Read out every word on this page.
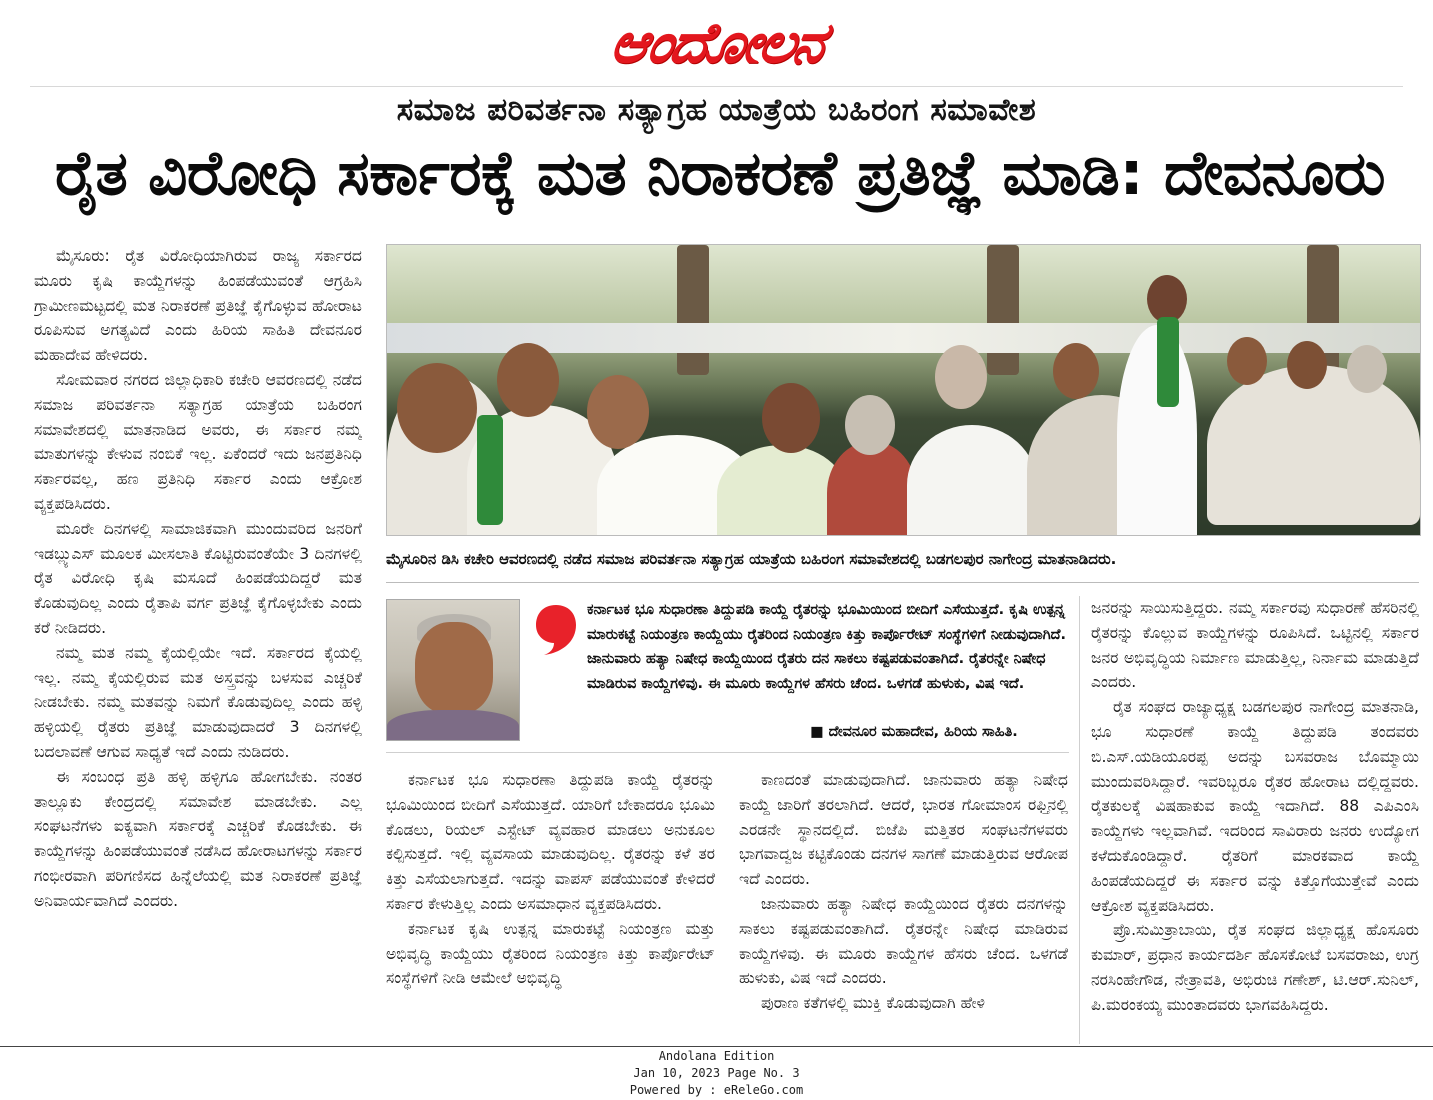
ಆಂದೋಲನ
ಸಮಾಜ ಪರಿವರ್ತನಾ ಸತ್ಯಾಗ್ರಹ ಯಾತ್ರೆಯ ಬಹಿರಂಗ ಸಮಾವೇಶ
ರೈತ ವಿರೋಧಿ ಸರ್ಕಾರಕ್ಕೆ ಮತ ನಿರಾಕರಣೆ ಪ್ರತಿಜ್ಞೆ ಮಾಡಿ: ದೇವನೂರು

ಮೈಸೂರು: ರೈತ ವಿರೋಧಿಯಾಗಿರುವ ರಾಜ್ಯ ಸರ್ಕಾರದ ಮೂರು ಕೃಷಿ ಕಾಯ್ದೆಗಳನ್ನು ಹಿಂಪಡೆಯುವಂತೆ ಆಗ್ರಹಿಸಿ ಗ್ರಾಮೀಣಮಟ್ಟದಲ್ಲಿ ಮತ ನಿರಾಕರಣೆ ಪ್ರತಿಜ್ಞೆ ಕೈಗೊಳ್ಳುವ ಹೋರಾಟ ರೂಪಿಸುವ ಅಗತ್ಯವಿದೆ ಎಂದು ಹಿರಿಯ ಸಾಹಿತಿ ದೇವನೂರ ಮಹಾದೇವ ಹೇಳಿದರು.

ಸೋಮವಾರ ನಗರದ ಜಿಲ್ಲಾಧಿಕಾರಿ ಕಚೇರಿ ಆವರಣದಲ್ಲಿ ನಡೆದ ಸಮಾಜ ಪರಿವರ್ತನಾ ಸತ್ಯಾಗ್ರಹ ಯಾತ್ರೆಯ ಬಹಿರಂಗ ಸಮಾವೇಶದಲ್ಲಿ ಮಾತನಾಡಿದ ಅವರು, ಈ ಸರ್ಕಾರ ನಮ್ಮ ಮಾತುಗಳನ್ನು ಕೇಳುವ ನಂಬಿಕೆ ಇಲ್ಲ. ಏಕೆಂದರೆ ಇದು ಜನಪ್ರತಿನಿಧಿ ಸರ್ಕಾರವಲ್ಲ, ಹಣ ಪ್ರತಿನಿಧಿ ಸರ್ಕಾರ ಎಂದು ಆಕ್ರೋಶ ವ್ಯಕ್ತಪಡಿಸಿದರು.

ಮೂರೇ ದಿನಗಳಲ್ಲಿ ಸಾಮಾಜಿಕವಾಗಿ ಮುಂದುವರಿದ ಜನರಿಗೆ ಇಡಬ್ಲ್ಯುಎಸ್ ಮೂಲಕ ಮೀಸಲಾತಿ ಕೊಟ್ಟಿರುವಂತೆಯೇ 3 ದಿನಗಳಲ್ಲಿ ರೈತ ವಿರೋಧಿ ಕೃಷಿ ಮಸೂದೆ ಹಿಂಪಡೆಯದಿದ್ದರೆ ಮತ ಕೊಡುವುದಿಲ್ಲ ಎಂದು ರೈತಾಪಿ ವರ್ಗ ಪ್ರತಿಜ್ಞೆ ಕೈಗೊಳ್ಳಬೇಕು ಎಂದು ಕರೆ ನೀಡಿದರು.

ನಮ್ಮ ಮತ ನಮ್ಮ ಕೈಯಲ್ಲಿಯೇ ಇದೆ. ಸರ್ಕಾರದ ಕೈಯಲ್ಲಿ ಇಲ್ಲ. ನಮ್ಮ ಕೈಯಲ್ಲಿರುವ ಮತ ಅಸ್ತ್ರವನ್ನು ಬಳಸುವ ಎಚ್ಚರಿಕೆ ನೀಡಬೇಕು. ನಮ್ಮ ಮತವನ್ನು ನಿಮಗೆ ಕೊಡುವುದಿಲ್ಲ ಎಂದು ಹಳ್ಳಿ ಹಳ್ಳಿಯಲ್ಲಿ ರೈತರು ಪ್ರತಿಜ್ಞೆ ಮಾಡುವುದಾದರೆ 3 ದಿನಗಳಲ್ಲಿ ಬದಲಾವಣೆ ಆಗುವ ಸಾಧ್ಯತೆ ಇದೆ ಎಂದು ನುಡಿದರು.

ಈ ಸಂಬಂಧ ಪ್ರತಿ ಹಳ್ಳಿ ಹಳ್ಳಿಗೂ ಹೋಗಬೇಕು. ನಂತರ ತಾಲ್ಲೂಕು ಕೇಂದ್ರದಲ್ಲಿ ಸಮಾವೇಶ ಮಾಡಬೇಕು. ಎಲ್ಲ ಸಂಘಟನೆಗಳು ಐಕ್ಯವಾಗಿ ಸರ್ಕಾರಕ್ಕೆ ಎಚ್ಚರಿಕೆ ಕೊಡಬೇಕು. ಈ ಕಾಯ್ದೆಗಳನ್ನು ಹಿಂಪಡೆಯುವಂತೆ ನಡೆಸಿದ ಹೋರಾಟಗಳನ್ನು ಸರ್ಕಾರ ಗಂಭೀರವಾಗಿ ಪರಿಗಣಿಸದ ಹಿನ್ನೆಲೆಯಲ್ಲಿ ಮತ ನಿರಾಕರಣೆ ಪ್ರತಿಜ್ಞೆ ಅನಿವಾರ್ಯವಾಗಿದೆ ಎಂದರು.

ಮೈಸೂರಿನ ಡಿಸಿ ಕಚೇರಿ ಆವರಣದಲ್ಲಿ ನಡೆದ ಸಮಾಜ ಪರಿವರ್ತನಾ ಸತ್ಯಾಗ್ರಹ ಯಾತ್ರೆಯ ಬಹಿರಂಗ ಸಮಾವೇಶದಲ್ಲಿ ಬಡಗಲಪುರ ನಾಗೇಂದ್ರ ಮಾತನಾಡಿದರು.
ಕರ್ನಾಟಕ ಭೂ ಸುಧಾರಣಾ ತಿದ್ದುಪಡಿ ಕಾಯ್ದೆ ರೈತರನ್ನು ಭೂಮಿಯಿಂದ ಬೀದಿಗೆ ಎಸೆಯುತ್ತದೆ. ಕೃಷಿ ಉತ್ಪನ್ನ ಮಾರುಕಟ್ಟೆ ನಿಯಂತ್ರಣ ಕಾಯ್ದೆಯು ರೈತರಿಂದ ನಿಯಂತ್ರಣ ಕಿತ್ತು ಕಾರ್ಪೊರೇಟ್ ಸಂಸ್ಥೆಗಳಿಗೆ ನೀಡುವುದಾಗಿದೆ. ಜಾನುವಾರು ಹತ್ಯಾ ನಿಷೇಧ ಕಾಯ್ದೆಯಿಂದ ರೈತರು ದನ ಸಾಕಲು ಕಷ್ಟಪಡುವಂತಾಗಿದೆ. ರೈತರನ್ನೇ ನಿಷೇಧ ಮಾಡಿರುವ ಕಾಯ್ದೆಗಳಿವು. ಈ ಮೂರು ಕಾಯ್ದೆಗಳ ಹೆಸರು ಚೆಂದ. ಒಳಗಡೆ ಹುಳುಕು, ವಿಷ ಇದೆ.
■ ದೇವನೂರ ಮಹಾದೇವ, ಹಿರಿಯ ಸಾಹಿತಿ.

ಕರ್ನಾಟಕ ಭೂ ಸುಧಾರಣಾ ತಿದ್ದುಪಡಿ ಕಾಯ್ದೆ ರೈತರನ್ನು ಭೂಮಿಯಿಂದ ಬೀದಿಗೆ ಎಸೆಯುತ್ತದೆ. ಯಾರಿಗೆ ಬೇಕಾದರೂ ಭೂಮಿ ಕೊಡಲು, ರಿಯಲ್ ಎಸ್ಟೇಟ್ ವ್ಯವಹಾರ ಮಾಡಲು ಅನುಕೂಲ ಕಲ್ಪಿಸುತ್ತದೆ. ಇಲ್ಲಿ ವ್ಯವಸಾಯ ಮಾಡುವುದಿಲ್ಲ. ರೈತರನ್ನು ಕಳೆ ತರ ಕಿತ್ತು ಎಸೆಯಲಾಗುತ್ತದೆ. ಇದನ್ನು ವಾಪಸ್ ಪಡೆಯುವಂತೆ ಕೇಳಿದರೆ ಸರ್ಕಾರ ಕೇಳುತ್ತಿಲ್ಲ ಎಂದು ಅಸಮಾಧಾನ ವ್ಯಕ್ತಪಡಿಸಿದರು.

ಕರ್ನಾಟಕ ಕೃಷಿ ಉತ್ಪನ್ನ ಮಾರುಕಟ್ಟೆ ನಿಯಂತ್ರಣ ಮತ್ತು ಅಭಿವೃದ್ಧಿ ಕಾಯ್ದೆಯು ರೈತರಿಂದ ನಿಯಂತ್ರಣ ಕಿತ್ತು ಕಾರ್ಪೊರೇಟ್ ಸಂಸ್ಥೆಗಳಿಗೆ ನೀಡಿ ಆಮೇಲೆ ಅಭಿವೃದ್ಧಿ

ಕಾಣದಂತೆ ಮಾಡುವುದಾಗಿದೆ. ಜಾನುವಾರು ಹತ್ಯಾ ನಿಷೇಧ ಕಾಯ್ದೆ ಜಾರಿಗೆ ತರಲಾಗಿದೆ. ಆದರೆ, ಭಾರತ ಗೋಮಾಂಸ ರಫ್ತಿನಲ್ಲಿ ಎರಡನೇ ಸ್ಥಾನದಲ್ಲಿದೆ. ಬಿಜೆಪಿ ಮತ್ತಿತರ ಸಂಘಟನೆಗಳವರು ಭಾಗವಾದ್ವಜ ಕಟ್ಟಿಕೊಂಡು ದನಗಳ ಸಾಗಣೆ ಮಾಡುತ್ತಿರುವ ಆರೋಪ ಇದೆ ಎಂದರು.

ಜಾನುವಾರು ಹತ್ಯಾ ನಿಷೇಧ ಕಾಯ್ದೆಯಿಂದ ರೈತರು ದನಗಳನ್ನು ಸಾಕಲು ಕಷ್ಟಪಡುವಂತಾಗಿದೆ. ರೈತರನ್ನೇ ನಿಷೇಧ ಮಾಡಿರುವ ಕಾಯ್ದೆಗಳಿವು. ಈ ಮೂರು ಕಾಯ್ದೆಗಳ ಹೆಸರು ಚೆಂದ. ಒಳಗಡೆ ಹುಳುಕು, ವಿಷ ಇದೆ ಎಂದರು.

ಪುರಾಣ ಕತೆಗಳಲ್ಲಿ ಮುಕ್ತಿ ಕೊಡುವುದಾಗಿ ಹೇಳಿ

ಜನರನ್ನು ಸಾಯಿಸುತ್ತಿದ್ದರು. ನಮ್ಮ ಸರ್ಕಾರವು ಸುಧಾರಣೆ ಹೆಸರಿನಲ್ಲಿ ರೈತರನ್ನು ಕೊಲ್ಲುವ ಕಾಯ್ದೆಗಳನ್ನು ರೂಪಿಸಿದೆ. ಒಟ್ಟಿನಲ್ಲಿ ಸರ್ಕಾರ ಜನರ ಅಭಿವೃದ್ಧಿಯ ನಿರ್ಮಾಣ ಮಾಡುತ್ತಿಲ್ಲ, ನಿರ್ನಾಮ ಮಾಡುತ್ತಿದೆ ಎಂದರು.

ರೈತ ಸಂಘದ ರಾಜ್ಯಾಧ್ಯಕ್ಷ ಬಡಗಲಪುರ ನಾಗೇಂದ್ರ ಮಾತನಾಡಿ, ಭೂ ಸುಧಾರಣೆ ಕಾಯ್ದೆ ತಿದ್ದುಪಡಿ ತಂದವರು ಬಿ.ಎಸ್.ಯಡಿಯೂರಪ್ಪ ಅದನ್ನು ಬಸವರಾಜ ಬೊಮ್ಮಾಯಿ ಮುಂದುವರಿಸಿದ್ದಾರೆ. ಇವರಿಬ್ಬರೂ ರೈತರ ಹೋರಾಟ ದಲ್ಲಿದ್ದವರು. ರೈತಕುಲಕ್ಕೆ ವಿಷಹಾಕುವ ಕಾಯ್ದೆ ಇದಾಗಿದೆ. 88 ಎಪಿಎಂಸಿ ಕಾಯ್ದೆಗಳು ಇಲ್ಲವಾಗಿವೆ. ಇದರಿಂದ ಸಾವಿರಾರು ಜನರು ಉದ್ಯೋಗ ಕಳೆದುಕೊಂಡಿದ್ದಾರೆ. ರೈತರಿಗೆ ಮಾರಕವಾದ ಕಾಯ್ದೆ ಹಿಂಪಡೆಯದಿದ್ದರೆ ಈ ಸರ್ಕಾರ ವನ್ನು ಕಿತ್ತೊಗೆಯುತ್ತೇವೆ ಎಂದು ಆಕ್ರೋಶ ವ್ಯಕ್ತಪಡಿಸಿದರು.

ಪ್ರೊ.ಸುಮಿತ್ರಾಬಾಯಿ, ರೈತ ಸಂಘದ ಜಿಲ್ಲಾಧ್ಯಕ್ಷ ಹೊಸೂರು ಕುಮಾರ್, ಪ್ರಧಾನ ಕಾರ್ಯದರ್ಶಿ ಹೊಸಕೋಟೆ ಬಸವರಾಜು, ಉಗ್ರ ನರಸಿಂಹೇಗೌಡ, ನೇತ್ರಾವತಿ, ಅಭಿರುಚಿ ಗಣೇಶ್, ಟಿ.ಆರ್.ಸುನಿಲ್, ಪಿ.ಮರಂಕಯ್ಯ ಮುಂತಾದವರು ಭಾಗವಹಿಸಿದ್ದರು.

Andolana Edition
Jan 10, 2023 Page No. 3
Powered by : eReleGo.com
